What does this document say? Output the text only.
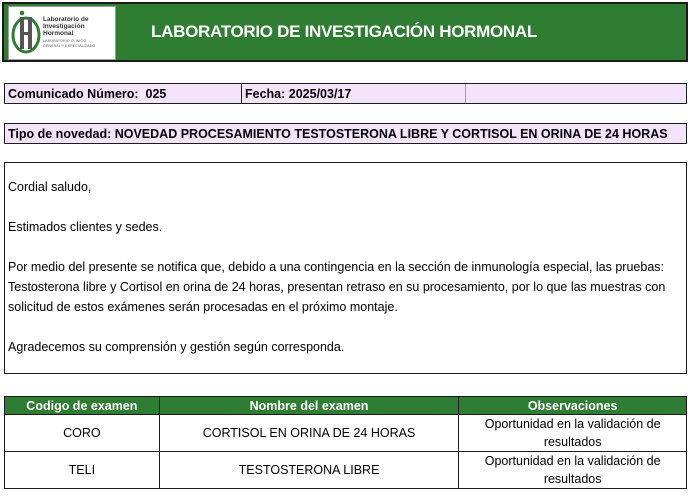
Laboratorio de
Investigación
Hormonal
LABORATORIO CLÍNICO
GENERAL Y ESPECIALIZADO
LABORATORIO DE INVESTIGACIÓN HORMONAL
Comunicado Número:  025	Fecha: 2025/03/17
Tipo de novedad: NOVEDAD PROCESAMIENTO TESTOSTERONA LIBRE Y CORTISOL EN ORINA DE 24 HORAS

Cordial saludo,

Estimados clientes y sedes.

Por medio del presente se notifica que, debido a una contingencia en la sección de inmunología especial, las pruebas: Testosterona libre y Cortisol en orina de 24 horas, presentan retraso en su procesamiento, por lo que las muestras con solicitud de estos exámenes serán procesadas en el próximo montaje.

Agradecemos su comprensión y gestión según corresponda.

Codigo de examen	Nombre del examen	Observaciones
CORO	CORTISOL EN ORINA DE 24 HORAS	Oportunidad en la validación de resultados
TELI	TESTOSTERONA LIBRE	Oportunidad en la validación de resultados
